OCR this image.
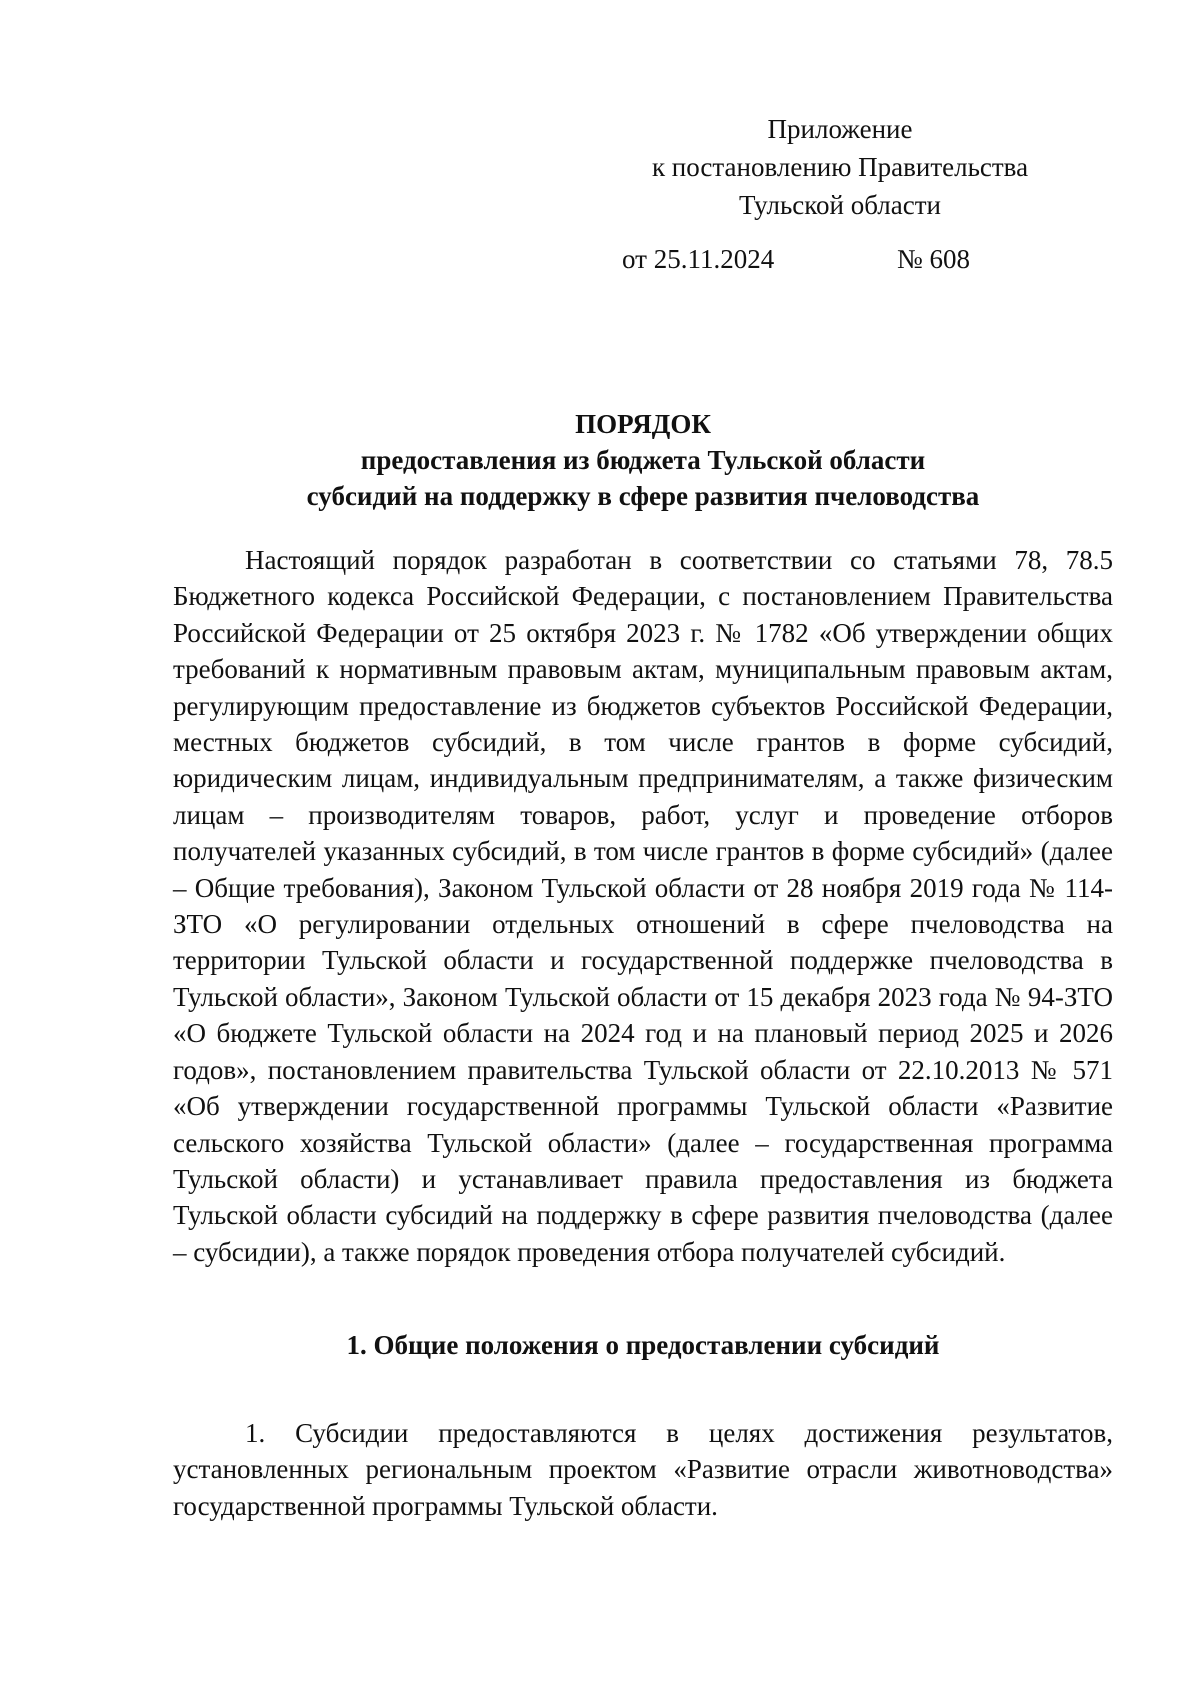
Приложение
к постановлению Правительства
Тульской области
от 25.11.2024	№ 608
ПОРЯДОК
предоставления из бюджета Тульской области
субсидий на поддержку в сфере развития пчеловодства
Настоящий порядок разработан в соответствии со статьями 78, 78.5 Бюджетного кодекса Российской Федерации, с постановлением Правительства Российской Федерации от 25 октября 2023 г. № 1782 «Об утверждении общих требований к нормативным правовым актам, муниципальным правовым актам, регулирующим предоставление из бюджетов субъектов Российской Федерации, местных бюджетов субсидий, в том числе грантов в форме субсидий, юридическим лицам, индивидуальным предпринимателям, а также физическим лицам – производителям товаров, работ, услуг и проведение отборов получателей указанных субсидий, в том числе грантов в форме субсидий» (далее – Общие требования), Законом Тульской области от 28 ноября 2019 года № 114-ЗТО «О регулировании отдельных отношений в сфере пчеловодства на территории Тульской области и государственной поддержке пчеловодства в Тульской области», Законом Тульской области от 15 декабря 2023 года № 94-ЗТО «О бюджете Тульской области на 2024 год и на плановый период 2025 и 2026 годов», постановлением правительства Тульской области от 22.10.2013 № 571 «Об утверждении государственной программы Тульской области «Развитие сельского хозяйства Тульской области» (далее – государственная программа Тульской области) и устанавливает правила предоставления из бюджета Тульской области субсидий на поддержку в сфере развития пчеловодства (далее – субсидии), а также порядок проведения отбора получателей субсидий.
1. Общие положения о предоставлении субсидий
1. Субсидии предоставляются в целях достижения результатов, установленных региональным проектом «Развитие отрасли животноводства» государственной программы Тульской области.
